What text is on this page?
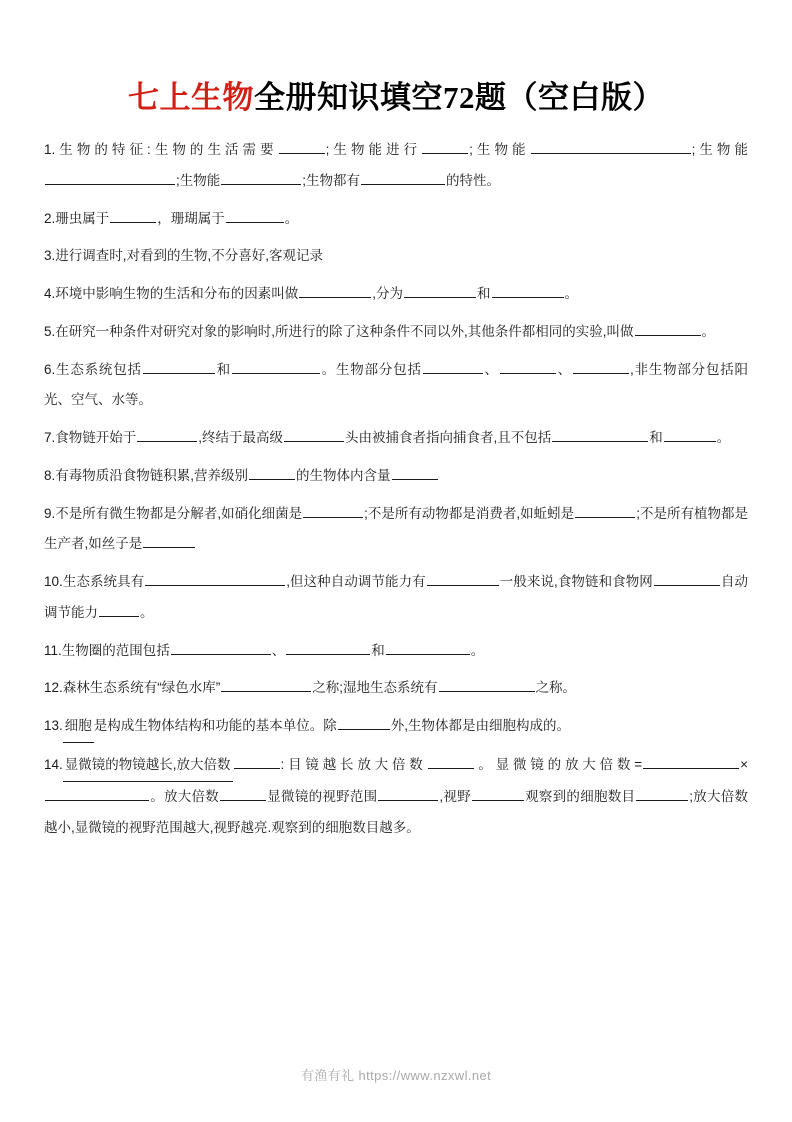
七上生物全册知识填空72题（空白版）

1.生物的特征:生物的生活需要	;生物能进行	;生物能	;生物能;生物能	;生物都有	的特性。

2.珊虫属于	，珊瑚属于	。

3.进行调查时,对看到的生物,不分喜好,客观记录

4.环境中影响生物的生活和分布的因素叫做	,分为	和	。

5.在研究一种条件对研究对象的影响时,所进行的除了这种条件不同以外,其他条件都相同的实验,叫做	。

6.生态系统包括	和	。生物部分包括	、	、	,非生物部分包括阳光、空气、水等。

7.食物链开始于	,终结于最高级	头由被捕食者指向捕食者,且不包括	和	。

8.有毒物质沿食物链积累,营养级别	的生物体内含量

9.不是所有微生物都是分解者,如硝化细菌是	;不是所有动物都是消费者,如蚯蚓是	;不是所有植物都是生产者,如丝子是

10.生态系统具有	,但这种自动调节能力有	一般来说,食物链和食物网	自动调节能力	。

11.生物圈的范围包括	、	和	。

12.森林生态系统有“绿色水库”	之称;湿地生态系统有	之称。

13. 细胞 是构成生物体结构和功能的基本单位。除	外,生物体都是由细胞构成的。

14. 显微镜的物镜越长,放大倍数	:目镜越长放大倍数	。显微镜的放大倍数=	×。放大倍数	显微镜的视野范围	,视野	观察到的细胞数目	;放大倍数越小,显微镜的视野范围越大,视野越亮.观察到的细胞数目越多。

有渔有礼 https://www.nzxwl.net
